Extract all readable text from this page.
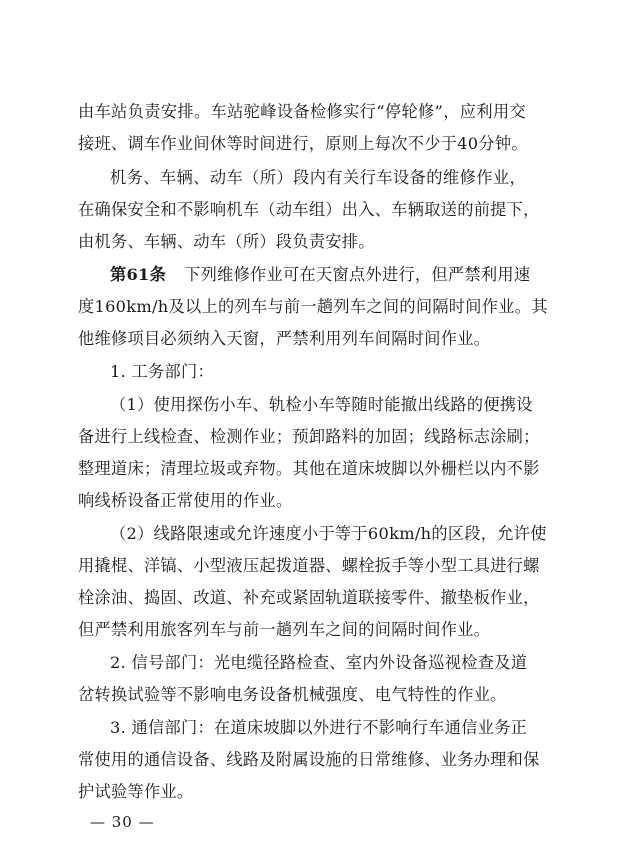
由车站负责安排。车站驼峰设备检修实行“停轮修”，应利用交
接班、调车作业间休等时间进行，原则上每次不少于40分钟。
机务、车辆、动车（所）段内有关行车设备的维修作业，
在确保安全和不影响机车（动车组）出入、车辆取送的前提下，
由机务、车辆、动车（所）段负责安排。
第61条 下列维修作业可在天窗点外进行，但严禁利用速
度160km/h及以上的列车与前一趟列车之间的间隔时间作业。其
他维修项目必须纳入天窗，严禁利用列车间隔时间作业。
1. 工务部门：
（1）使用探伤小车、轨检小车等随时能撤出线路的便携设
备进行上线检查、检测作业；预卸路料的加固；线路标志涂刷；
整理道床；清理垃圾或弃物。其他在道床坡脚以外栅栏以内不影
响线桥设备正常使用的作业。
（2）线路限速或允许速度小于等于60km/h的区段，允许使
用撬棍、洋镐、小型液压起拨道器、螺栓扳手等小型工具进行螺
栓涂油、捣固、改道、补充或紧固轨道联接零件、撤垫板作业，
但严禁利用旅客列车与前一趟列车之间的间隔时间作业。
2. 信号部门：光电缆径路检查、室内外设备巡视检查及道
岔转换试验等不影响电务设备机械强度、电气特性的作业。
3. 通信部门：在道床坡脚以外进行不影响行车通信业务正
常使用的通信设备、线路及附属设施的日常维修、业务办理和保
护试验等作业。
— 30 —
